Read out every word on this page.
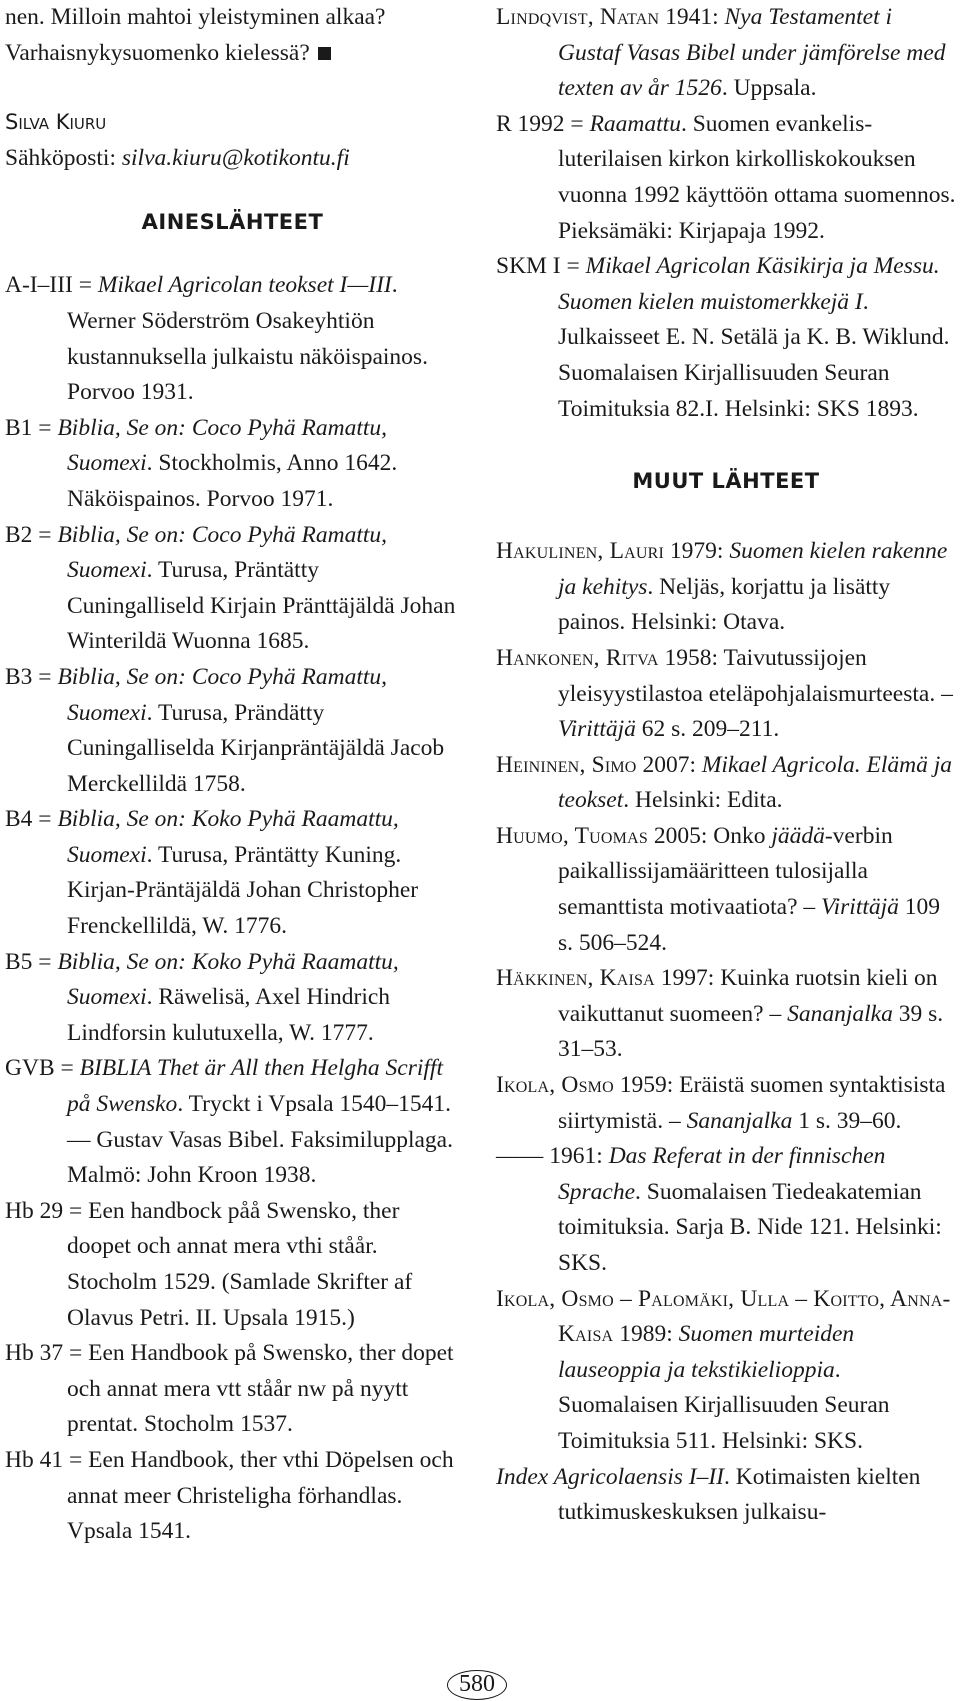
nen. Milloin mahtoi yleistyminen alkaa?

Varhaisnykysuomenko kielessä?

Silva Kiuru

Sähköposti: silva.kiuru@kotikontu.fi

AINESLÄHTEET

A-I–III = Mikael Agricolan teokset I—III. Werner Söderström Osakeyhtiön kustannuksella julkaistu näköispainos. Porvoo 1931.

B1 = Biblia, Se on: Coco Pyhä Ramattu, Suomexi. Stockholmis, Anno 1642. Näköispainos. Porvoo 1971.

B2 = Biblia, Se on: Coco Pyhä Ramattu, Suomexi. Turusa, Präntätty Cuningalliseld Kirjain Pränttäjäldä Johan Winterildä Wuonna 1685.

B3 = Biblia, Se on: Coco Pyhä Ramattu, Suomexi. Turusa, Prändätty Cuningalliselda Kirjanpräntäjäldä Jacob Merckellildä 1758.

B4 = Biblia, Se on: Koko Pyhä Raamattu, Suomexi. Turusa, Präntätty Kuning. Kirjan-Präntäjäldä Johan Christopher Frenckellildä, W. 1776.

B5 = Biblia, Se on: Koko Pyhä Raamattu, Suomexi. Räwelisä, Axel Hindrich Lindforsin kulutuxella, W. 1777.

GVB = BIBLIA Thet är All then Helgha Scrifft på Swensko. Tryckt i Vpsala 1540–1541. — Gustav Vasas Bibel. Faksimilupplaga. Malmö: John Kroon 1938.

Hb 29 = Een handbock påå Swensko, ther doopet och annat mera vthi ståår. Stocholm 1529. (Samlade Skrifter af Olavus Petri. II. Upsala 1915.)

Hb 37 = Een Handbook på Swensko, ther dopet och annat mera vtt ståår nw på nyytt prentat. Stocholm 1537.

Hb 41 = Een Handbook, ther vthi Döpelsen och annat meer Christeligha förhandlas. Vpsala 1541.

Lindqvist, Natan 1941: Nya Testamentet i Gustaf Vasas Bibel under jämförelse med texten av år 1526. Uppsala.

R 1992 = Raamattu. Suomen evankelis-luterilaisen kirkon kirkolliskokouksen vuonna 1992 käyttöön ottama suomennos. Pieksämäki: Kirjapaja 1992.

SKM I = Mikael Agricolan Käsikirja ja Messu. Suomen kielen muistomerkkejä I. Julkaisseet E. N. Setälä ja K. B. Wiklund. Suomalaisen Kirjallisuuden Seuran Toimituksia 82.I. Helsinki: SKS 1893.

MUUT LÄHTEET

Hakulinen, Lauri 1979: Suomen kielen rakenne ja kehitys. Neljäs, korjattu ja lisätty painos. Helsinki: Otava.

Hankonen, Ritva 1958: Taivutussijojen yleisyystilastoa eteläpohjalaismurteesta. – Virittäjä 62 s. 209–211.

Heininen, Simo 2007: Mikael Agricola. Elämä ja teokset. Helsinki: Edita.

Huumo, Tuomas 2005: Onko jäädä-verbin paikallissijamääritteen tulosijalla semanttista motivaatiota? – Virittäjä 109 s. 506–524.

Häkkinen, Kaisa 1997: Kuinka ruotsin kieli on vaikuttanut suomeen? – Sananjalka 39 s. 31–53.

Ikola, Osmo 1959: Eräistä suomen syntaktisista siirtymistä. – Sananjalka 1 s. 39–60.

—— 1961: Das Referat in der finnischen Sprache. Suomalaisen Tiedeakatemian toimituksia. Sarja B. Nide 121. Helsinki: SKS.

Ikola, Osmo – Palomäki, Ulla – Koitto, Anna-Kaisa 1989: Suomen murteiden lauseoppia ja tekstikielioppia. Suomalaisen Kirjallisuuden Seuran Toimituksia 511. Helsinki: SKS.

Index Agricolaensis I–II. Kotimaisten kielten tutkimuskeskuksen julkaisu-

580
